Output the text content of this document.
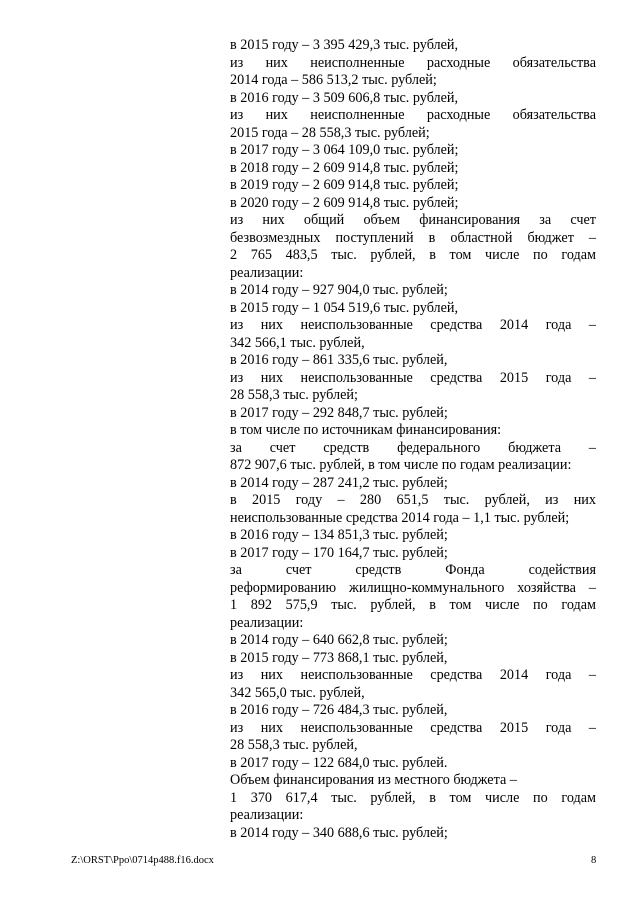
в 2015 году – 3 395 429,3 тыс. рублей,
из них неисполненные расходные обязательства
2014 года – 586 513,2 тыс. рублей;
в 2016 году – 3 509 606,8 тыс. рублей,
из них неисполненные расходные обязательства
2015 года – 28 558,3 тыс. рублей;
в 2017 году – 3 064 109,0 тыс. рублей;
в 2018 году – 2 609 914,8 тыс. рублей;
в 2019 году – 2 609 914,8 тыс. рублей;
в 2020 году – 2 609 914,8 тыс. рублей;
из них общий объем финансирования за счет
безвозмездных поступлений в областной бюджет –
2 765 483,5 тыс. рублей, в том числе по годам
реализации:
в 2014 году – 927 904,0 тыс. рублей;
в 2015 году – 1 054 519,6 тыс. рублей,
из них неиспользованные средства 2014 года –
342 566,1 тыс. рублей,
в 2016 году – 861 335,6 тыс. рублей,
из них неиспользованные средства 2015 года –
28 558,3 тыс. рублей;
в 2017 году – 292 848,7 тыс. рублей;
в том числе по источникам финансирования:
за счет средств федерального бюджета –
872 907,6 тыс. рублей, в том числе по годам реализации:
в 2014 году – 287 241,2 тыс. рублей;
в 2015 году – 280 651,5 тыс. рублей, из них
неиспользованные средства 2014 года – 1,1 тыс. рублей;
в 2016 году – 134 851,3 тыс. рублей;
в 2017 году – 170 164,7 тыс. рублей;
за счет средств Фонда содействия
реформированию жилищно-коммунального хозяйства –
1 892 575,9 тыс. рублей, в том числе по годам
реализации:
в 2014 году – 640 662,8 тыс. рублей;
в 2015 году – 773 868,1 тыс. рублей,
из них неиспользованные средства 2014 года –
342 565,0 тыс. рублей,
в 2016 году – 726 484,3 тыс. рублей,
из них неиспользованные средства 2015 года –
28 558,3 тыс. рублей,
в 2017 году – 122 684,0 тыс. рублей.
Объем финансирования из местного бюджета –
1 370 617,4 тыс. рублей, в том числе по годам
реализации:
в 2014 году – 340 688,6 тыс. рублей;
Z:\ORST\Ppo\0714p488.f16.docx	8
